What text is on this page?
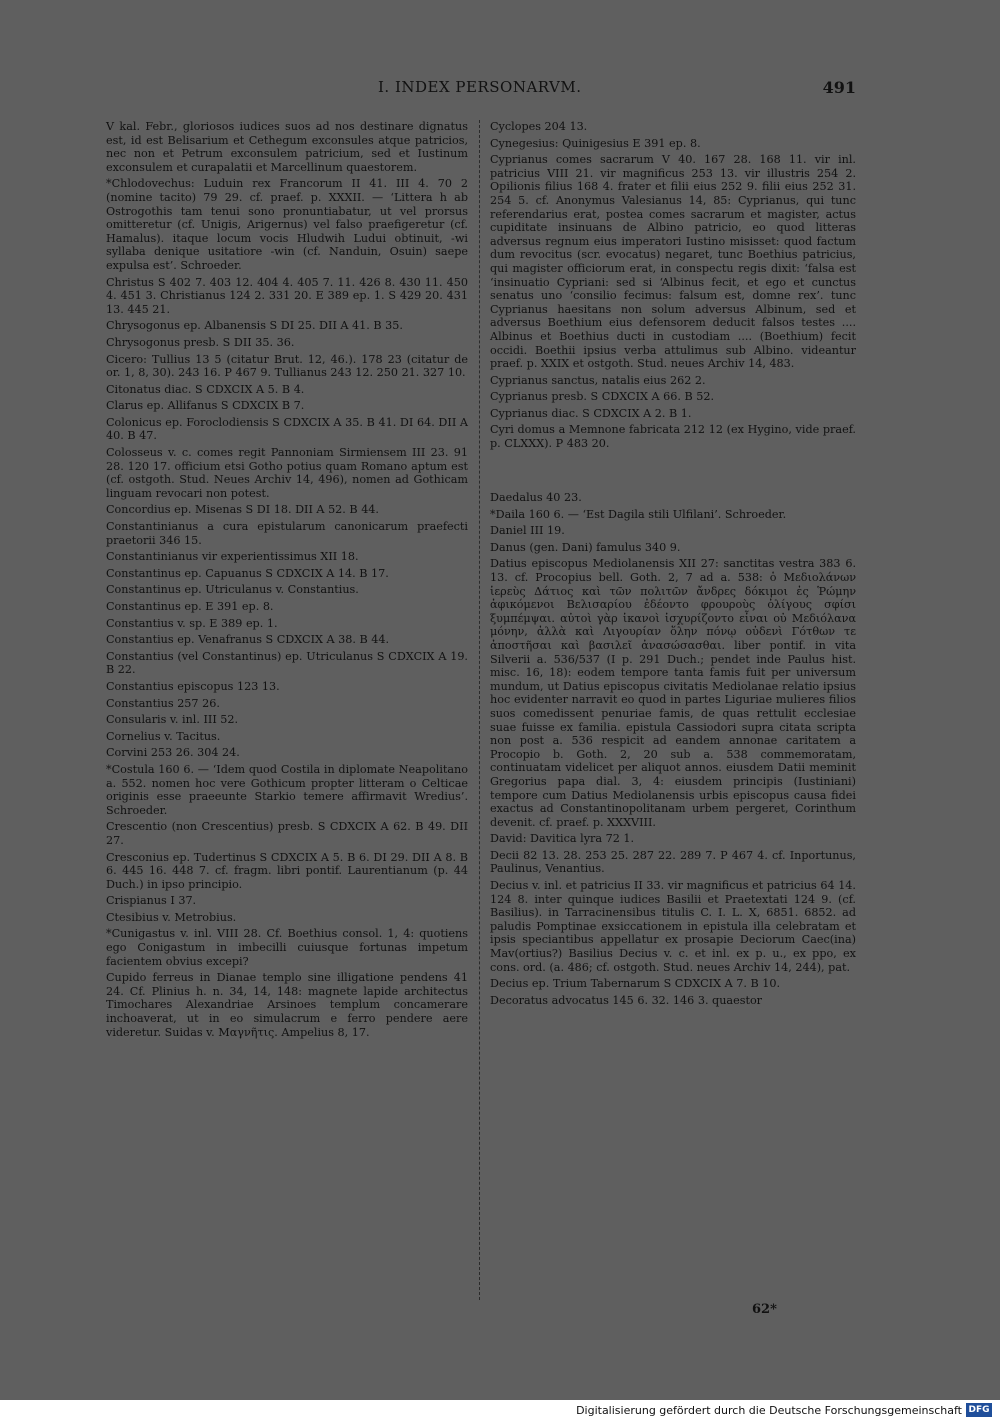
I. INDEX PERSONARVM.	491

V kal. Febr., gloriosos iudices suos ad nos destinare dignatus est, id est Belisarium et Cethegum exconsules atque patricios, nec non et Petrum exconsulem patricium, sed et Iustinum exconsulem et curapalatii et Marcellinum quaestorem.

*Chlodovechus: Luduin rex Francorum II 41. III 4. 70 2 (nomine tacito) 79 29. cf. praef. p. XXXII. — ‘Littera h ab Ostrogothis tam tenui sono pronuntiabatur, ut vel prorsus omitteretur (cf. Unigis, Arigernus) vel falso praefigeretur (cf. Hamalus). itaque locum vocis Hludwih Ludui obtinuit, -wi syllaba denique usitatiore -win (cf. Nanduin, Osuin) saepe expulsa est’. Schroeder.

Christus S 402 7. 403 12. 404 4. 405 7. 11. 426 8. 430 11. 450 4. 451 3. Christianus 124 2. 331 20. E 389 ep. 1. S 429 20. 431 13. 445 21.

Chrysogonus ep. Albanensis S DI 25. DII A 41. B 35.

Chrysogonus presb. S DII 35. 36.

Cicero: Tullius 13 5 (citatur Brut. 12, 46.). 178 23 (citatur de or. 1, 8, 30). 243 16. P 467 9. Tullianus 243 12. 250 21. 327 10.

Citonatus diac. S CDXCIX A 5. B 4.

Clarus ep. Allifanus S CDXCIX B 7.

Colonicus ep. Foroclodiensis S CDXCIX A 35. B 41. DI 64. DII A 40. B 47.

Colosseus v. c. comes regit Pannoniam Sirmiensem III 23. 91 28. 120 17. officium etsi Gotho potius quam Romano aptum est (cf. ostgoth. Stud. Neues Archiv 14, 496), nomen ad Gothicam linguam revocari non potest.

Concordius ep. Misenas S DI 18. DII A 52. B 44.

Constantinianus a cura epistularum canonicarum praefecti praetorii 346 15.

Constantinianus vir experientissimus XII 18.

Constantinus ep. Capuanus S CDXCIX A 14. B 17.

Constantinus ep. Utriculanus v. Constantius.

Constantinus ep. E 391 ep. 8.

Constantius v. sp. E 389 ep. 1.

Constantius ep. Venafranus S CDXCIX A 38. B 44.

Constantius (vel Constantinus) ep. Utriculanus S CDXCIX A 19. B 22.

Constantius episcopus 123 13.

Constantius 257 26.

Consularis v. inl. III 52.

Cornelius v. Tacitus.

Corvini 253 26. 304 24.

*Costula 160 6. — ‘Idem quod Costila in diplomate Neapolitano a. 552. nomen hoc vere Gothicum propter litteram o Celticae originis esse praeeunte Starkio temere affirmavit Wredius’. Schroeder.

Crescentio (non Crescentius) presb. S CDXCIX A 62. B 49. DII 27.

Cresconius ep. Tudertinus S CDXCIX A 5. B 6. DI 29. DII A 8. B 6. 445 16. 448 7. cf. fragm. libri pontif. Laurentianum (p. 44 Duch.) in ipso principio.

Crispianus I 37.

Ctesibius v. Metrobius.

*Cunigastus v. inl. VIII 28. Cf. Boethius consol. 1, 4: quotiens ego Conigastum in imbecilli cuiusque fortunas impetum facientem obvius excepi?

Cupido ferreus in Dianae templo sine illigatione pendens 41 24. Cf. Plinius h. n. 34, 14, 148: magnete lapide architectus Timochares Alexandriae Arsinoes templum concamerare inchoaverat, ut in eo simulacrum e ferro pendere aere videretur. Suidas v. Μαγνῆτις. Ampelius 8, 17.

Cyclopes 204 13.

Cynegesius: Quinigesius E 391 ep. 8.

Cyprianus comes sacrarum V 40. 167 28. 168 11. vir inl. patricius VIII 21. vir magnificus 253 13. vir illustris 254 2. Opilionis filius 168 4. frater et filii eius 252 9. filii eius 252 31. 254 5. cf. Anonymus Valesianus 14, 85: Cyprianus, qui tunc referendarius erat, postea comes sacrarum et magister, actus cupiditate insinuans de Albino patricio, eo quod litteras adversus regnum eius imperatori Iustino misisset: quod factum dum revocitus (scr. evocatus) negaret, tunc Boethius patricius, qui magister officiorum erat, in conspectu regis dixit: ‘falsa est ‘insinuatio Cypriani: sed si ‘Albinus fecit, et ego et cunctus senatus uno ‘consilio fecimus: falsum est, domne rex’. tunc Cyprianus haesitans non solum adversus Albinum, sed et adversus Boethium eius defensorem deducit falsos testes .... Albinus et Boethius ducti in custodiam .... (Boethium) fecit occidi. Boethii ipsius verba attulimus sub Albino. videantur praef. p. XXIX et ostgoth. Stud. neues Archiv 14, 483.

Cyprianus sanctus, natalis eius 262 2.

Cyprianus presb. S CDXCIX A 66. B 52.

Cyprianus diac. S CDXCIX A 2. B 1.

Cyri domus a Memnone fabricata 212 12 (ex Hygino, vide praef. p. CLXXX). P 483 20.

Daedalus 40 23.

*Daila 160 6. — ‘Est Dagila stili Ulfilani’. Schroeder.

Daniel III 19.

Danus (gen. Dani) famulus 340 9.

Datius episcopus Mediolanensis XII 27: sanctitas vestra 383 6. 13. cf. Procopius bell. Goth. 2, 7 ad a. 538: ὁ Μεδιολάνων ἱερεὺς Δάτιος καὶ τῶν πολιτῶν ἄνδρες δόκιμοι ἐς Ῥώμην ἀφικόμενοι Βελισαρίου ἐδέοντο φρουροὺς ὀλίγους σφίσι ξυμπέμψαι. αὐτοὶ γὰρ ἱκανοὶ ἰσχυρίζοντο εἶναι οὐ Μεδιόλανα μόνην, ἀλλὰ καὶ Λιγουρίαν ὅλην πόνῳ οὐδενὶ Γότθων τε ἀποστῆσαι καὶ βασιλεῖ ἀνασώσασθαι. liber pontif. in vita Silverii a. 536/537 (I p. 291 Duch.; pendet inde Paulus hist. misc. 16, 18): eodem tempore tanta famis fuit per universum mundum, ut Datius episcopus civitatis Mediolanae relatio ipsius hoc evidenter narravit eo quod in partes Liguriae mulieres filios suos comedissent penuriae famis, de quas rettulit ecclesiae suae fuisse ex familia. epistula Cassiodori supra citata scripta non post a. 536 respicit ad eandem annonae caritatem a Procopio b. Goth. 2, 20 sub a. 538 commemoratam, continuatam videlicet per aliquot annos. eiusdem Datii meminit Gregorius papa dial. 3, 4: eiusdem principis (Iustiniani) tempore cum Datius Mediolanensis urbis episcopus causa fidei exactus ad Constantinopolitanam urbem pergeret, Corinthum devenit. cf. praef. p. XXXVIII.

David: Davitica lyra 72 1.

Decii 82 13. 28. 253 25. 287 22. 289 7. P 467 4. cf. Inportunus, Paulinus, Venantius.

Decius v. inl. et patricius II 33. vir magnificus et patricius 64 14. 124 8. inter quinque iudices Basilii et Praetextati 124 9. (cf. Basilius). in Tarracinensibus titulis C. I. L. X, 6851. 6852. ad paludis Pomptinae exsiccationem in epistula illa celebratam et ipsis speciantibus appellatur ex prosapie Deciorum Caec(ina) Mav(ortius?) Basilius Decius v. c. et inl. ex p. u., ex ppo, ex cons. ord. (a. 486; cf. ostgoth. Stud. neues Archiv 14, 244), pat.

Decius ep. Trium Tabernarum S CDXCIX A 7. B 10.

Decoratus advocatus 145 6. 32. 146 3. quaestor

62*
Digitalisierung gefördert durch die Deutsche Forschungsgemeinschaft DFG
